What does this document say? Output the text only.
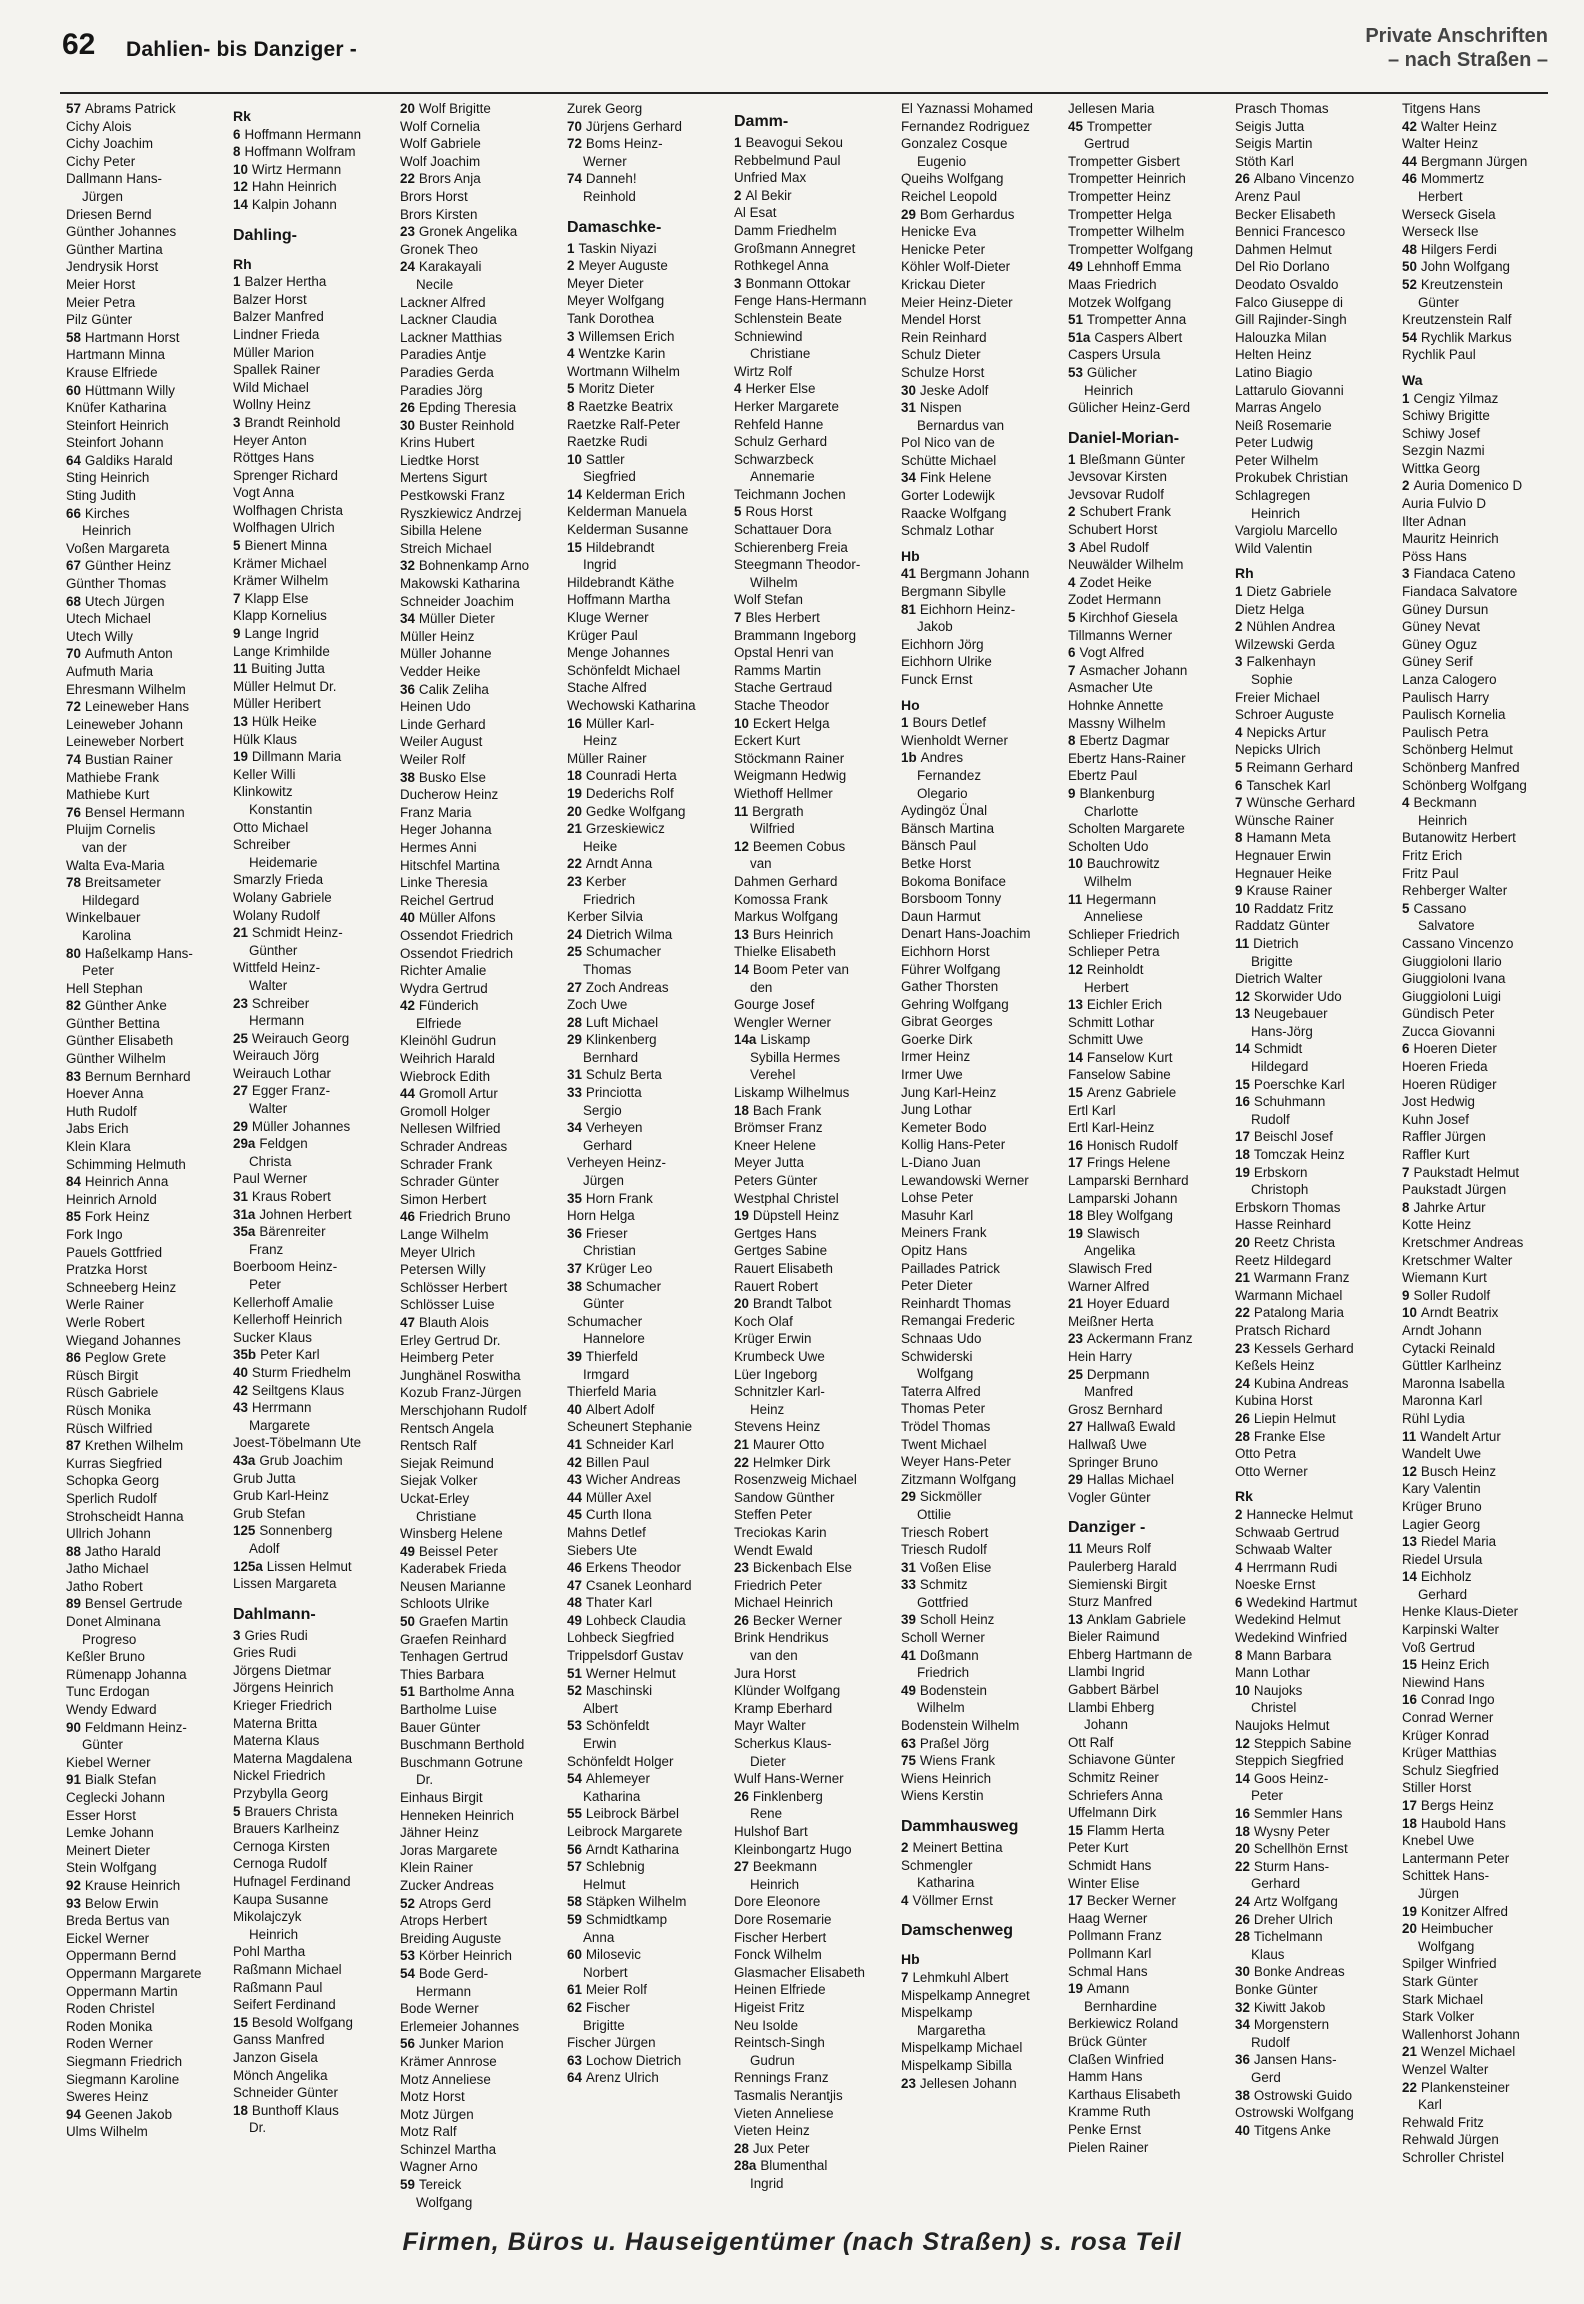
62 Dahlien- bis Danziger -
Private Anschriften
– nach Straßen –
57 Abrams Patrick
Cichy Alois
Cichy Joachim
Cichy Peter
Dallmann Hans-
Jürgen
Driesen Bernd
Günther Johannes
Günther Martina
Jendrysik Horst
Meier Horst
Meier Petra
Pilz Günter
58 Hartmann Horst
Hartmann Minna
Krause Elfriede
60 Hüttmann Willy
Knüfer Katharina
Steinfort Heinrich
Steinfort Johann
64 Galdiks Harald
Sting Heinrich
Sting Judith
66 Kirches
Heinrich
Voßen Margareta
67 Günther Heinz
Günther Thomas
68 Utech Jürgen
Utech Michael
Utech Willy
70 Aufmuth Anton
Aufmuth Maria
Ehresmann Wilhelm
72 Leineweber Hans
Leineweber Johann
Leineweber Norbert
74 Bustian Rainer
Mathiebe Frank
Mathiebe Kurt
76 Bensel Hermann
Pluijm Cornelis
van der
Walta Eva-Maria
78 Breitsameter
Hildegard
Winkelbauer
Karolina
80 Haßelkamp Hans-
Peter
Hell Stephan
82 Günther Anke
Günther Bettina
Günther Elisabeth
Günther Wilhelm
83 Bernum Bernhard
Hoever Anna
Huth Rudolf
Jabs Erich
Klein Klara
Schimming Helmuth
84 Heinrich Anna
Heinrich Arnold
85 Fork Heinz
Fork Ingo
Pauels Gottfried
Pratzka Horst
Schneeberg Heinz
Werle Rainer
Werle Robert
Wiegand Johannes
86 Peglow Grete
Rüsch Birgit
Rüsch Gabriele
Rüsch Monika
Rüsch Wilfried
87 Krethen Wilhelm
Kurras Siegfried
Schopka Georg
Sperlich Rudolf
Strohscheidt Hanna
Ullrich Johann
88 Jatho Harald
Jatho Michael
Jatho Robert
89 Bensel Gertrude
Donet Alminana
Progreso
Keßler Bruno
Rümenapp Johanna
Tunc Erdogan
Wendy Edward
90 Feldmann Heinz-
Günter
Kiebel Werner
91 Bialk Stefan
Ceglecki Johann
Esser Horst
Lemke Johann
Meinert Dieter
Stein Wolfgang
92 Krause Heinrich
93 Below Erwin
Breda Bertus van
Eickel Werner
Oppermann Bernd
Oppermann Margarete
Oppermann Martin
Roden Christel
Roden Monika
Roden Werner
Siegmann Friedrich
Siegmann Karoline
Sweres Heinz
94 Geenen Jakob
Ulms Wilhelm
Rk
6 Hoffmann Hermann
8 Hoffmann Wolfram
10 Wirtz Hermann
12 Hahn Heinrich
14 Kalpin Johann
Dahling-
Rh
1 Balzer Hertha
Balzer Horst
Balzer Manfred
Lindner Frieda
Müller Marion
Spallek Rainer
Wild Michael
Wollny Heinz
3 Brandt Reinhold
Heyer Anton
Röttges Hans
Sprenger Richard
Vogt Anna
Wolfhagen Christa
Wolfhagen Ulrich
5 Bienert Minna
Krämer Michael
Krämer Wilhelm
7 Klapp Else
Klapp Kornelius
9 Lange Ingrid
Lange Krimhilde
11 Buiting Jutta
Müller Helmut Dr.
Müller Heribert
13 Hülk Heike
Hülk Klaus
19 Dillmann Maria
Keller Willi
Klinkowitz
Konstantin
Otto Michael
Schreiber
Heidemarie
Smarzly Frieda
Wolany Gabriele
Wolany Rudolf
21 Schmidt Heinz-
Günther
Wittfeld Heinz-
Walter
23 Schreiber
Hermann
25 Weirauch Georg
Weirauch Jörg
Weirauch Lothar
27 Egger Franz-
Walter
29 Müller Johannes
29a Feldgen
Christa
Paul Werner
31 Kraus Robert
31a Johnen Herbert
35a Bärenreiter
Franz
Boerboom Heinz-
Peter
Kellerhoff Amalie
Kellerhoff Heinrich
Sucker Klaus
35b Peter Karl
40 Sturm Friedhelm
42 Seiltgens Klaus
43 Herrmann
Margarete
Joest-Töbelmann Ute
43a Grub Joachim
Grub Jutta
Grub Karl-Heinz
Grub Stefan
125 Sonnenberg
Adolf
125a Lissen Helmut
Lissen Margareta
Dahlmann-
3 Gries Rudi
Gries Rudi
Jörgens Dietmar
Jörgens Heinrich
Krieger Friedrich
Materna Britta
Materna Klaus
Materna Magdalena
Nickel Friedrich
Przybylla Georg
5 Brauers Christa
Brauers Karlheinz
Cernoga Kirsten
Cernoga Rudolf
Hufnagel Ferdinand
Kaupa Susanne
Mikolajczyk
Heinrich
Pohl Martha
Raßmann Michael
Raßmann Paul
Seifert Ferdinand
15 Besold Wolfgang
Ganss Manfred
Janzon Gisela
Mönch Angelika
Schneider Günter
18 Bunthoff Klaus
Dr.
20 Wolf Brigitte
Wolf Cornelia
Wolf Gabriele
Wolf Joachim
22 Brors Anja
Brors Horst
Brors Kirsten
23 Gronek Angelika
Gronek Theo
24 Karakayali
Necile
Lackner Alfred
Lackner Claudia
Lackner Matthias
Paradies Antje
Paradies Gerda
Paradies Jörg
26 Epding Theresia
30 Buster Reinhold
Krins Hubert
Liedtke Horst
Mertens Sigurt
Pestkowski Franz
Ryszkiewicz Andrzej
Sibilla Helene
Streich Michael
32 Bohnenkamp Arno
Makowski Katharina
Schneider Joachim
34 Müller Dieter
Müller Heinz
Müller Johanne
Vedder Heike
36 Calik Zeliha
Heinen Udo
Linde Gerhard
Weiler August
Weiler Rolf
38 Busko Else
Ducherow Heinz
Franz Maria
Heger Johanna
Hermes Anni
Hitschfel Martina
Linke Theresia
Reichel Gertrud
40 Müller Alfons
Ossendot Friedrich
Ossendot Friedrich
Richter Amalie
Wydra Gertrud
42 Fünderich
Elfriede
Kleinöhl Gudrun
Weihrich Harald
Wiebrock Edith
44 Gromoll Artur
Gromoll Holger
Nellesen Wilfried
Schrader Andreas
Schrader Frank
Schrader Günter
Simon Herbert
46 Friedrich Bruno
Lange Wilhelm
Meyer Ulrich
Petersen Willy
Schlösser Herbert
Schlösser Luise
47 Blauth Alois
Erley Gertrud Dr.
Heimberg Peter
Junghänel Roswitha
Kozub Franz-Jürgen
Merschjohann Rudolf
Rentsch Angela
Rentsch Ralf
Siejak Reimund
Siejak Volker
Uckat-Erley
Christiane
Winsberg Helene
49 Beissel Peter
Kaderabek Frieda
Neusen Marianne
Schloots Ulrike
50 Graefen Martin
Graefen Reinhard
Tenhagen Gertrud
Thies Barbara
51 Bartholme Anna
Bartholme Luise
Bauer Günter
Buschmann Berthold
Buschmann Gotrune
Dr.
Einhaus Birgit
Henneken Heinrich
Jähner Heinz
Joras Margarete
Klein Rainer
Zucker Andreas
52 Atrops Gerd
Atrops Herbert
Breiding Auguste
53 Körber Heinrich
54 Bode Gerd-
Hermann
Bode Werner
Erlemeier Johannes
56 Junker Marion
Krämer Annrose
Motz Anneliese
Motz Horst
Motz Jürgen
Motz Ralf
Schinzel Martha
Wagner Arno
59 Tereick
Wolfgang
Zurek Georg
70 Jürjens Gerhard
72 Boms Heinz-
Werner
74 Danneh!
Reinhold
Damaschke-
1 Taskin Niyazi
2 Meyer Auguste
Meyer Dieter
Meyer Wolfgang
Tank Dorothea
3 Willemsen Erich
4 Wentzke Karin
Wortmann Wilhelm
5 Moritz Dieter
8 Raetzke Beatrix
Raetzke Ralf-Peter
Raetzke Rudi
10 Sattler
Siegfried
14 Kelderman Erich
Kelderman Manuela
Kelderman Susanne
15 Hildebrandt
Ingrid
Hildebrandt Käthe
Hoffmann Martha
Kluge Werner
Krüger Paul
Menge Johannes
Schönfeldt Michael
Stache Alfred
Wechowski Katharina
16 Müller Karl-
Heinz
Müller Rainer
18 Counradi Herta
19 Dederichs Rolf
20 Gedke Wolfgang
21 Grzeskiewicz
Heike
22 Arndt Anna
23 Kerber
Friedrich
Kerber Silvia
24 Dietrich Wilma
25 Schumacher
Thomas
27 Zoch Andreas
Zoch Uwe
28 Luft Michael
29 Klinkenberg
Bernhard
31 Schulz Berta
33 Princiotta
Sergio
34 Verheyen
Gerhard
Verheyen Heinz-
Jürgen
35 Horn Frank
Horn Helga
36 Frieser
Christian
37 Krüger Leo
38 Schumacher
Günter
Schumacher
Hannelore
39 Thierfeld
Irmgard
Thierfeld Maria
40 Albert Adolf
Scheunert Stephanie
41 Schneider Karl
42 Billen Paul
43 Wicher Andreas
44 Müller Axel
45 Curth Ilona
Mahns Detlef
Siebers Ute
46 Erkens Theodor
47 Csanek Leonhard
48 Thater Karl
49 Lohbeck Claudia
Lohbeck Siegfried
Trippelsdorf Gustav
51 Werner Helmut
52 Maschinski
Albert
53 Schönfeldt
Erwin
Schönfeldt Holger
54 Ahlemeyer
Katharina
55 Leibrock Bärbel
Leibrock Margarete
56 Arndt Katharina
57 Schlebnig
Helmut
58 Stäpken Wilhelm
59 Schmidtkamp
Anna
60 Milosevic
Norbert
61 Meier Rolf
62 Fischer
Brigitte
Fischer Jürgen
63 Lochow Dietrich
64 Arenz Ulrich
Damm-
1 Beavogui Sekou
Rebbelmund Paul
Unfried Max
2 Al Bekir
Al Esat
Damm Friedhelm
Großmann Annegret
Rothkegel Anna
3 Bonmann Ottokar
Fenge Hans-Hermann
Schlenstein Beate
Schniewind
Christiane
Wirtz Rolf
4 Herker Else
Herker Margarete
Rehfeld Hanne
Schulz Gerhard
Schwarzbeck
Annemarie
Teichmann Jochen
5 Rous Horst
Schattauer Dora
Schierenberg Freia
Steegmann Theodor-
Wilhelm
Wolf Stefan
7 Bles Herbert
Brammann Ingeborg
Opstal Henri van
Ramms Martin
Stache Gertraud
Stache Theodor
10 Eckert Helga
Eckert Kurt
Stöckmann Rainer
Weigmann Hedwig
Wiethoff Hellmer
11 Bergrath
Wilfried
12 Beemen Cobus
van
Dahmen Gerhard
Komossa Frank
Markus Wolfgang
13 Burs Heinrich
Thielke Elisabeth
14 Boom Peter van
den
Gourge Josef
Wengler Werner
14a Liskamp
Sybilla Hermes
Verehel
Liskamp Wilhelmus
18 Bach Frank
Brömser Franz
Kneer Helene
Meyer Jutta
Peters Günter
Westphal Christel
19 Düpstell Heinz
Gertges Hans
Gertges Sabine
Rauert Elisabeth
Rauert Robert
20 Brandt Talbot
Koch Olaf
Krüger Erwin
Krumbeck Uwe
Lüer Ingeborg
Schnitzler Karl-
Heinz
Stevens Heinz
21 Maurer Otto
22 Helmker Dirk
Rosenzweig Michael
Sandow Günther
Steffen Peter
Treciokas Karin
Wendt Ewald
23 Bickenbach Else
Friedrich Peter
Michael Heinrich
26 Becker Werner
Brink Hendrikus
van den
Jura Horst
Klünder Wolfgang
Kramp Eberhard
Mayr Walter
Scherkus Klaus-
Dieter
Wulf Hans-Werner
26 Finklenberg
Rene
Hulshof Bart
Kleinbongartz Hugo
27 Beekmann
Heinrich
Dore Eleonore
Dore Rosemarie
Fischer Herbert
Fonck Wilhelm
Glasmacher Elisabeth
Heinen Elfriede
Higeist Fritz
Neu Isolde
Reintsch-Singh
Gudrun
Rennings Franz
Tasmalis Nerantjis
Vieten Anneliese
Vieten Heinz
28 Jux Peter
28a Blumenthal
Ingrid
El Yaznassi Mohamed
Fernandez Rodriguez
Gonzalez Cosque
Eugenio
Queihs Wolfgang
Reichel Leopold
29 Bom Gerhardus
Henicke Eva
Henicke Peter
Köhler Wolf-Dieter
Krickau Dieter
Meier Heinz-Dieter
Mendel Horst
Rein Reinhard
Schulz Dieter
Schulze Horst
30 Jeske Adolf
31 Nispen
Bernardus van
Pol Nico van de
Schütte Michael
34 Fink Helene
Gorter Lodewijk
Raacke Wolfgang
Schmalz Lothar
Hb
41 Bergmann Johann
Bergmann Sibylle
81 Eichhorn Heinz-
Jakob
Eichhorn Jörg
Eichhorn Ulrike
Funck Ernst
Ho
1 Bours Detlef
Wienholdt Werner
1b Andres
Fernandez
Olegario
Aydingöz Ünal
Bänsch Martina
Bänsch Paul
Betke Horst
Bokoma Boniface
Borsboom Tonny
Daun Harmut
Denart Hans-Joachim
Eichhorn Horst
Führer Wolfgang
Gather Thorsten
Gehring Wolfgang
Gibrat Georges
Goerke Dirk
Irmer Heinz
Irmer Uwe
Jung Karl-Heinz
Jung Lothar
Kemeter Bodo
Kollig Hans-Peter
L-Diano Juan
Lewandowski Werner
Lohse Peter
Masuhr Karl
Meiners Frank
Opitz Hans
Paillades Patrick
Peter Dieter
Reinhardt Thomas
Remangai Frederic
Schnaas Udo
Schwiderski
Wolfgang
Taterra Alfred
Thomas Peter
Trödel Thomas
Twent Michael
Weyer Hans-Peter
Zitzmann Wolfgang
29 Sickmöller
Ottilie
Triesch Robert
Triesch Rudolf
31 Voßen Elise
33 Schmitz
Gottfried
39 Scholl Heinz
Scholl Werner
41 Doßmann
Friedrich
49 Bodenstein
Wilhelm
Bodenstein Wilhelm
63 Praßel Jörg
75 Wiens Frank
Wiens Heinrich
Wiens Kerstin
Dammhausweg
2 Meinert Bettina
Schmengler
Katharina
4 Völlmer Ernst
Damschenweg
Hb
7 Lehmkuhl Albert
Mispelkamp Annegret
Mispelkamp
Margaretha
Mispelkamp Michael
Mispelkamp Sibilla
23 Jellesen Johann
Jellesen Maria
45 Trompetter
Gertrud
Trompetter Gisbert
Trompetter Heinrich
Trompetter Heinz
Trompetter Helga
Trompetter Wilhelm
Trompetter Wolfgang
49 Lehnhoff Emma
Maas Friedrich
Motzek Wolfgang
51 Trompetter Anna
51a Caspers Albert
Caspers Ursula
53 Gülicher
Heinrich
Gülicher Heinz-Gerd
Daniel-Morian-
1 Bleßmann Günter
Jevsovar Kirsten
Jevsovar Rudolf
2 Schubert Frank
Schubert Horst
3 Abel Rudolf
Neuwälder Wilhelm
4 Zodet Heike
Zodet Hermann
5 Kirchhof Giesela
Tillmanns Werner
6 Vogt Alfred
7 Asmacher Johann
Asmacher Ute
Hohnke Annette
Massny Wilhelm
8 Ebertz Dagmar
Ebertz Hans-Rainer
Ebertz Paul
9 Blankenburg
Charlotte
Scholten Margarete
Scholten Udo
10 Bauchrowitz
Wilhelm
11 Hegermann
Anneliese
Schlieper Friedrich
Schlieper Petra
12 Reinholdt
Herbert
13 Eichler Erich
Schmitt Lothar
Schmitt Uwe
14 Fanselow Kurt
Fanselow Sabine
15 Arenz Gabriele
Ertl Karl
Ertl Karl-Heinz
16 Honisch Rudolf
17 Frings Helene
Lamparski Bernhard
Lamparski Johann
18 Bley Wolfgang
19 Slawisch
Angelika
Slawisch Fred
Warner Alfred
21 Hoyer Eduard
Meißner Herta
23 Ackermann Franz
Hein Harry
25 Derpmann
Manfred
Grosz Bernhard
27 Hallwaß Ewald
Hallwaß Uwe
Springer Bruno
29 Hallas Michael
Vogler Günter
Danziger -
11 Meurs Rolf
Paulerberg Harald
Siemienski Birgit
Sturz Manfred
13 Anklam Gabriele
Bieler Raimund
Ehberg Hartmann de
Llambi Ingrid
Gabbert Bärbel
Llambi Ehberg
Johann
Ott Ralf
Schiavone Günter
Schmitz Reiner
Schriefers Anna
Uffelmann Dirk
15 Flamm Herta
Peter Kurt
Schmidt Hans
Winter Elise
17 Becker Werner
Haag Werner
Pollmann Franz
Pollmann Karl
Schmal Hans
19 Amann
Bernhardine
Berkiewicz Roland
Brück Günter
Claßen Winfried
Hamm Hans
Karthaus Elisabeth
Kramme Ruth
Penke Ernst
Pielen Rainer
Prasch Thomas
Seigis Jutta
Seigis Martin
Stöth Karl
26 Albano Vincenzo
Arenz Paul
Becker Elisabeth
Bennici Francesco
Dahmen Helmut
Del Rio Dorlano
Deodato Osvaldo
Falco Giuseppe di
Gill Rajinder-Singh
Halouzka Milan
Helten Heinz
Latino Biagio
Lattarulo Giovanni
Marras Angelo
Neiß Rosemarie
Peter Ludwig
Peter Wilhelm
Prokubek Christian
Schlagregen
Heinrich
Vargiolu Marcello
Wild Valentin
Rh
1 Dietz Gabriele
Dietz Helga
2 Nühlen Andrea
Wilzewski Gerda
3 Falkenhayn
Sophie
Freier Michael
Schroer Auguste
4 Nepicks Artur
Nepicks Ulrich
5 Reimann Gerhard
6 Tanschek Karl
7 Wünsche Gerhard
Wünsche Rainer
8 Hamann Meta
Hegnauer Erwin
Hegnauer Heike
9 Krause Rainer
10 Raddatz Fritz
Raddatz Günter
11 Dietrich
Brigitte
Dietrich Walter
12 Skorwider Udo
13 Neugebauer
Hans-Jörg
14 Schmidt
Hildegard
15 Poerschke Karl
16 Schuhmann
Rudolf
17 Beischl Josef
18 Tomczak Heinz
19 Erbskorn
Christoph
Erbskorn Thomas
Hasse Reinhard
20 Reetz Christa
Reetz Hildegard
21 Warmann Franz
Warmann Michael
22 Patalong Maria
Pratsch Richard
23 Kessels Gerhard
Keßels Heinz
24 Kubina Andreas
Kubina Horst
26 Liepin Helmut
28 Franke Else
Otto Petra
Otto Werner
Rk
2 Hannecke Helmut
Schwaab Gertrud
Schwaab Walter
4 Herrmann Rudi
Noeske Ernst
6 Wedekind Hartmut
Wedekind Helmut
Wedekind Winfried
8 Mann Barbara
Mann Lothar
10 Naujoks
Christel
Naujoks Helmut
12 Steppich Sabine
Steppich Siegfried
14 Goos Heinz-
Peter
16 Semmler Hans
18 Wysny Peter
20 Schellhön Ernst
22 Sturm Hans-
Gerhard
24 Artz Wolfgang
26 Dreher Ulrich
28 Tichelmann
Klaus
30 Bonke Andreas
Bonke Günter
32 Kiwitt Jakob
34 Morgenstern
Rudolf
36 Jansen Hans-
Gerd
38 Ostrowski Guido
Ostrowski Wolfgang
40 Titgens Anke
Titgens Hans
42 Walter Heinz
Walter Heinz
44 Bergmann Jürgen
46 Mommertz
Herbert
Werseck Gisela
Werseck Ilse
48 Hilgers Ferdi
50 John Wolfgang
52 Kreutzenstein
Günter
Kreutzenstein Ralf
54 Rychlik Markus
Rychlik Paul
Wa
1 Cengiz Yilmaz
Schiwy Brigitte
Schiwy Josef
Sezgin Nazmi
Wittka Georg
2 Auria Domenico D
Auria Fulvio D
Ilter Adnan
Mauritz Heinrich
Pöss Hans
3 Fiandaca Cateno
Fiandaca Salvatore
Güney Dursun
Güney Nevat
Güney Oguz
Güney Serif
Lanza Calogero
Paulisch Harry
Paulisch Kornelia
Paulisch Petra
Schönberg Helmut
Schönberg Manfred
Schönberg Wolfgang
4 Beckmann
Heinrich
Butanowitz Herbert
Fritz Erich
Fritz Paul
Rehberger Walter
5 Cassano
Salvatore
Cassano Vincenzo
Giuggioloni Ilario
Giuggioloni Ivana
Giuggioloni Luigi
Gündisch Peter
Zucca Giovanni
6 Hoeren Dieter
Hoeren Frieda
Hoeren Rüdiger
Jost Hedwig
Kuhn Josef
Raffler Jürgen
Raffler Kurt
7 Paukstadt Helmut
Paukstadt Jürgen
8 Jahrke Artur
Kotte Heinz
Kretschmer Andreas
Kretschmer Walter
Wiemann Kurt
9 Soller Rudolf
10 Arndt Beatrix
Arndt Johann
Cytacki Reinald
Güttler Karlheinz
Maronna Isabella
Maronna Karl
Rühl Lydia
11 Wandelt Artur
Wandelt Uwe
12 Busch Heinz
Kary Valentin
Krüger Bruno
Lagier Georg
13 Riedel Maria
Riedel Ursula
14 Eichholz
Gerhard
Henke Klaus-Dieter
Karpinski Walter
Voß Gertrud
15 Heinz Erich
Niewind Hans
16 Conrad Ingo
Conrad Werner
Krüger Konrad
Krüger Matthias
Schulz Siegfried
Stiller Horst
17 Bergs Heinz
18 Haubold Hans
Knebel Uwe
Lantermann Peter
Schittek Hans-
Jürgen
19 Konitzer Alfred
20 Heimbucher
Wolfgang
Spilger Winfried
Stark Günter
Stark Michael
Stark Volker
Wallenhorst Johann
21 Wenzel Michael
Wenzel Walter
22 Plankensteiner
Karl
Rehwald Fritz
Rehwald Jürgen
Schroller Christel
Firmen, Büros u. Hauseigentümer (nach Straßen) s. rosa Teil
